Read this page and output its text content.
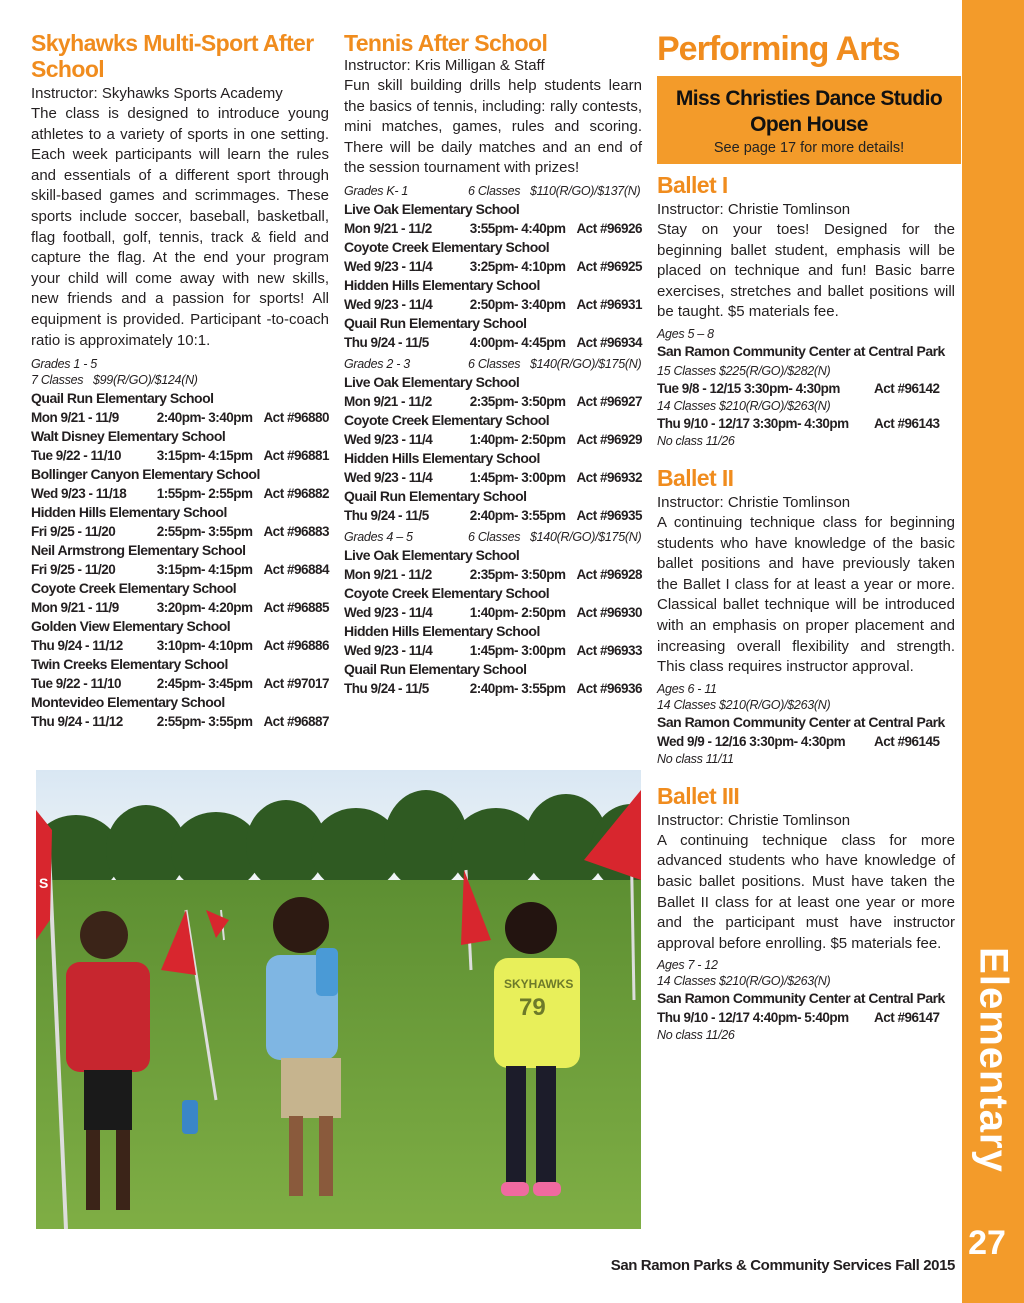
Skyhawks Multi-Sport After School

Instructor: Skyhawks Sports Academy

The class is designed to introduce young athletes to a variety of sports in one setting. Each week participants will learn the rules and essentials of a different sport through skill-based games and scrimmages. These sports include soccer, baseball, basketball, flag football, golf, tennis, track & field and capture the flag. At the end your program your child will come away with new skills, new friends and a passion for sports! All equipment is provided. Participant -to-coach ratio is approximately 10:1.

Grades 1 - 5

7 Classes $99(R/GO)/$124(N)

Quail Run Elementary School

Mon 9/21 - 11/9	2:40pm- 3:40pm Act #96880

Walt Disney Elementary School

Tue 9/22 - 11/10	3:15pm- 4:15pm Act #96881

Bollinger Canyon Elementary School

Wed 9/23 - 11/18	1:55pm- 2:55pm Act #96882

Hidden Hills Elementary School

Fri 9/25 - 11/20	2:55pm- 3:55pm Act #96883

Neil Armstrong Elementary School

Fri 9/25 - 11/20	3:15pm- 4:15pm Act #96884

Coyote Creek Elementary School

Mon 9/21 - 11/9	3:20pm- 4:20pm Act #96885

Golden View Elementary School

Thu 9/24 - 11/12	3:10pm- 4:10pm Act #96886

Twin Creeks Elementary School

Tue 9/22 - 11/10	2:45pm- 3:45pm Act #97017

Montevideo Elementary School

Thu 9/24 - 11/12	2:55pm- 3:55pm Act #96887
Tennis After School

Instructor: Kris Milligan & Staff

Fun skill building drills help students learn the basics of tennis, including: rally contests, mini matches, games, rules and scoring. There will be daily matches and an end of the session tournament with prizes!

Grades K- 1	6 Classes $110(R/GO)/$137(N)

Live Oak Elementary School

Mon 9/21 - 11/2	3:55pm- 4:40pm Act #96926

Coyote Creek Elementary School

Wed 9/23 - 11/4	3:25pm- 4:10pm Act #96925

Hidden Hills Elementary School

Wed 9/23 - 11/4	2:50pm- 3:40pm Act #96931

Quail Run Elementary School

Thu 9/24 - 11/5	4:00pm- 4:45pm Act #96934
Grades 2 - 3	6 Classes $140(R/GO)/$175(N)

Live Oak Elementary School

Mon 9/21 - 11/2	2:35pm- 3:50pm Act #96927

Coyote Creek Elementary School

Wed 9/23 - 11/4	1:40pm- 2:50pm Act #96929

Hidden Hills Elementary School

Wed 9/23 - 11/4	1:45pm- 3:00pm Act #96932

Quail Run Elementary School

Thu 9/24 - 11/5	2:40pm- 3:55pm Act #96935
Grades 4 – 5	6 Classes $140(R/GO)/$175(N)

Live Oak Elementary School

Mon 9/21 - 11/2	2:35pm- 3:50pm Act #96928

Coyote Creek Elementary School

Wed 9/23 - 11/4	1:40pm- 2:50pm Act #96930

Hidden Hills Elementary School

Wed 9/23 - 11/4	1:45pm- 3:00pm Act #96933

Quail Run Elementary School

Thu 9/24 - 11/5	2:40pm- 3:55pm Act #96936
S
SKYHAWKS
79
Performing Arts
Miss Christies Dance Studio
Open House
See page 17 for more details!
Ballet I

Instructor: Christie Tomlinson

Stay on your toes! Designed for the beginning ballet student, emphasis will be placed on technique and fun! Basic barre exercises, stretches and ballet positions will be taught. $5 materials fee.

Ages 5 – 8

San Ramon Community Center at Central Park

15 Classes $225(R/GO)/$282(N)

Tue 9/8 - 12/15 3:30pm- 4:30pm	Act #96142

14 Classes $210(R/GO)/$263(N)

Thu 9/10 - 12/17 3:30pm- 4:30pm	Act #96143

No class 11/26

Ballet II

Instructor: Christie Tomlinson

A continuing technique class for beginning students who have knowledge of the basic ballet positions and have previously taken the Ballet I class for at least a year or more. Classical ballet technique will be introduced with an emphasis on proper placement and increasing overall flexibility and strength. This class requires instructor approval.

Ages 6 - 11

14 Classes $210(R/GO)/$263(N)

San Ramon Community Center at Central Park

Wed 9/9 - 12/16 3:30pm- 4:30pm	Act #96145

No class 11/11

Ballet III

Instructor: Christie Tomlinson

A continuing technique class for more advanced students who have knowledge of basic ballet positions. Must have taken the Ballet II class for at least one year or more and the participant must have instructor approval before enrolling. $5 materials fee.

Ages 7 - 12

14 Classes $210(R/GO)/$263(N)

San Ramon Community Center at Central Park

Thu 9/10 - 12/17 4:40pm- 5:40pm	Act #96147

No class 11/26	Elementary
27
San Ramon Parks & Community Services Fall 2015
